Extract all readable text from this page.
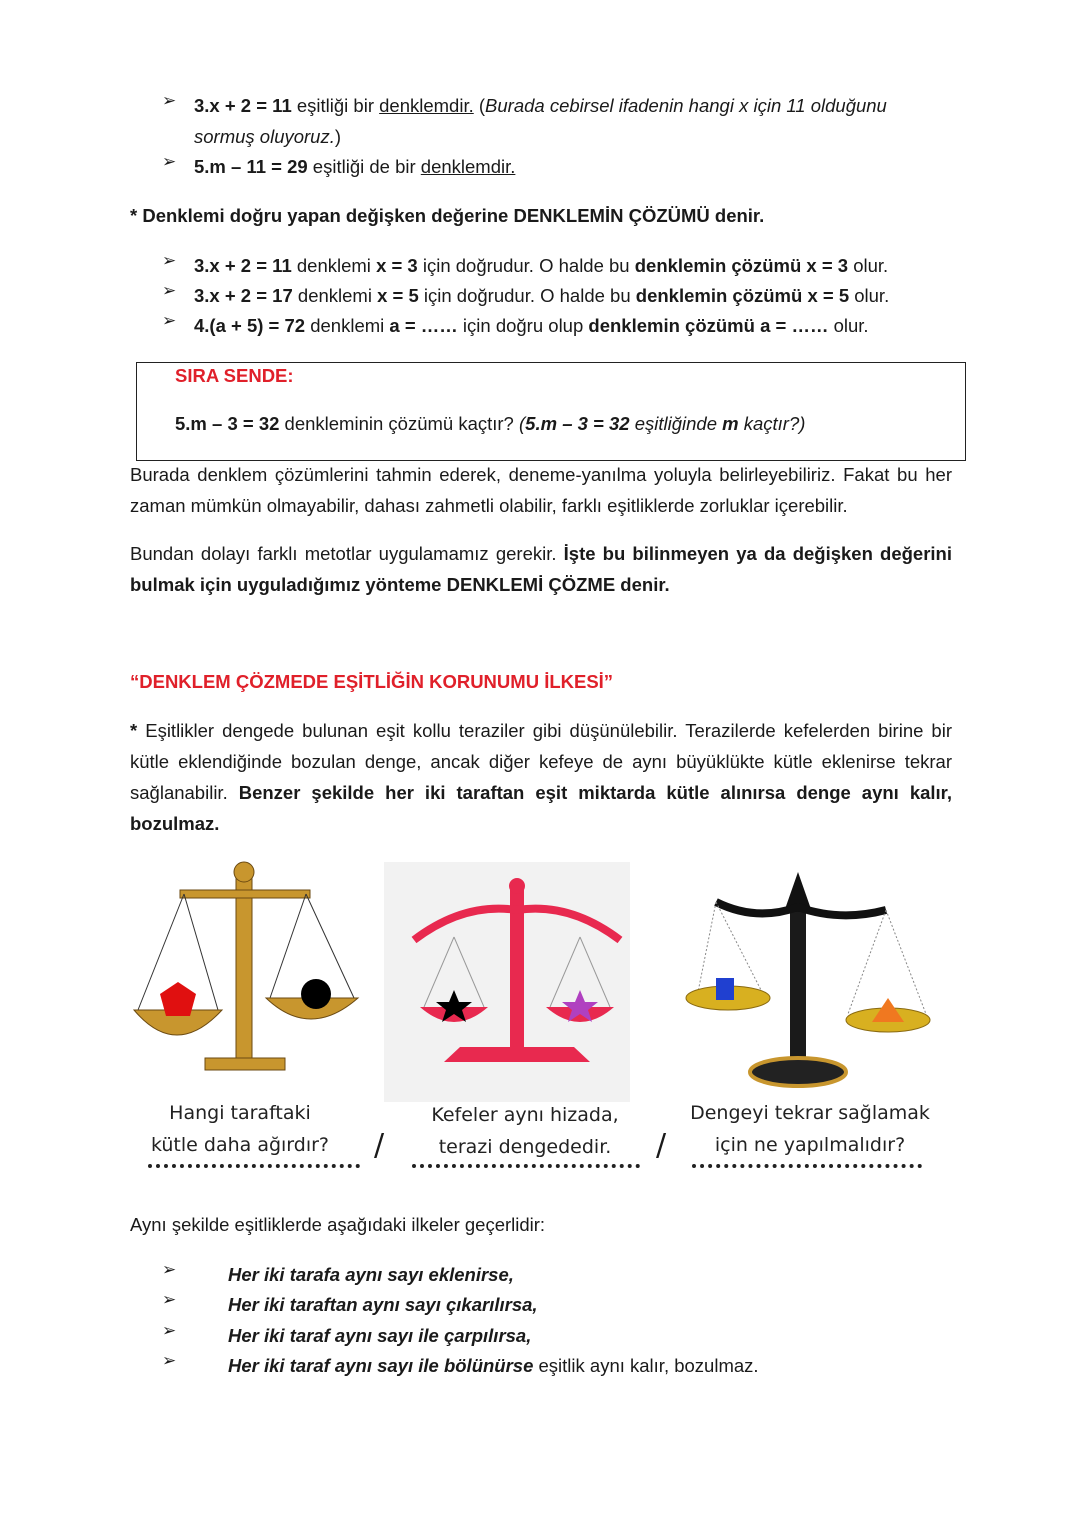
➢ 3.x + 2 = 11 eşitliği bir denklemdir. (Burada cebirsel ifadenin hangi x için 11 olduğunu
sormuş oluyoruz.)
➢ 5.m – 11 = 29 eşitliği de bir denklemdir.
* Denklemi doğru yapan değişken değerine DENKLEMİN ÇÖZÜMÜ denir.
➢ 3.x + 2 = 11 denklemi x = 3 için doğrudur. O halde bu denklemin çözümü x = 3 olur.
➢ 3.x + 2 = 17 denklemi x = 5 için doğrudur. O halde bu denklemin çözümü x = 5 olur.
➢ 4.(a + 5) = 72 denklemi a = …… için doğru olup denklemin çözümü a = …… olur.
SIRA SENDE:
5.m – 3 = 32 denkleminin çözümü kaçtır? (5.m – 3 = 32 eşitliğinde m kaçtır?)
Burada denklem çözümlerini tahmin ederek, deneme-yanılma yoluyla belirleyebiliriz. Fakat bu her zaman mümkün olmayabilir, dahası zahmetli olabilir, farklı eşitliklerde zorluklar içerebilir.
Bundan dolayı farklı metotlar uygulamamız gerekir. İşte bu bilinmeyen ya da değişken değerini bulmak için uyguladığımız yönteme DENKLEMİ ÇÖZME denir.
“DENKLEM ÇÖZMEDE EŞİTLİĞİN KORUNUMU İLKESİ”
* Eşitlikler dengede bulunan eşit kollu teraziler gibi düşünülebilir. Terazilerde kefelerden birine bir kütle eklendiğinde bozulan denge, ancak diğer kefeye de aynı büyüklükte kütle eklenirse tekrar sağlanabilir. Benzer şekilde her iki taraftan eşit miktarda kütle alınırsa denge aynı kalır, bozulmaz.
Hangi taraftaki
kütle daha ağırdır?
Kefeler aynı hizada,
terazi dengededir.
Dengeyi tekrar sağlamak
için ne yapılmalıdır?
/	/
Aynı şekilde eşitliklerde aşağıdaki ilkeler geçerlidir:
➢	Her iki tarafa aynı sayı eklenirse,
➢	Her iki taraftan aynı sayı çıkarılırsa,
➢	Her iki taraf aynı sayı ile çarpılırsa,
➢	Her iki taraf aynı sayı ile bölünürse eşitlik aynı kalır, bozulmaz.
